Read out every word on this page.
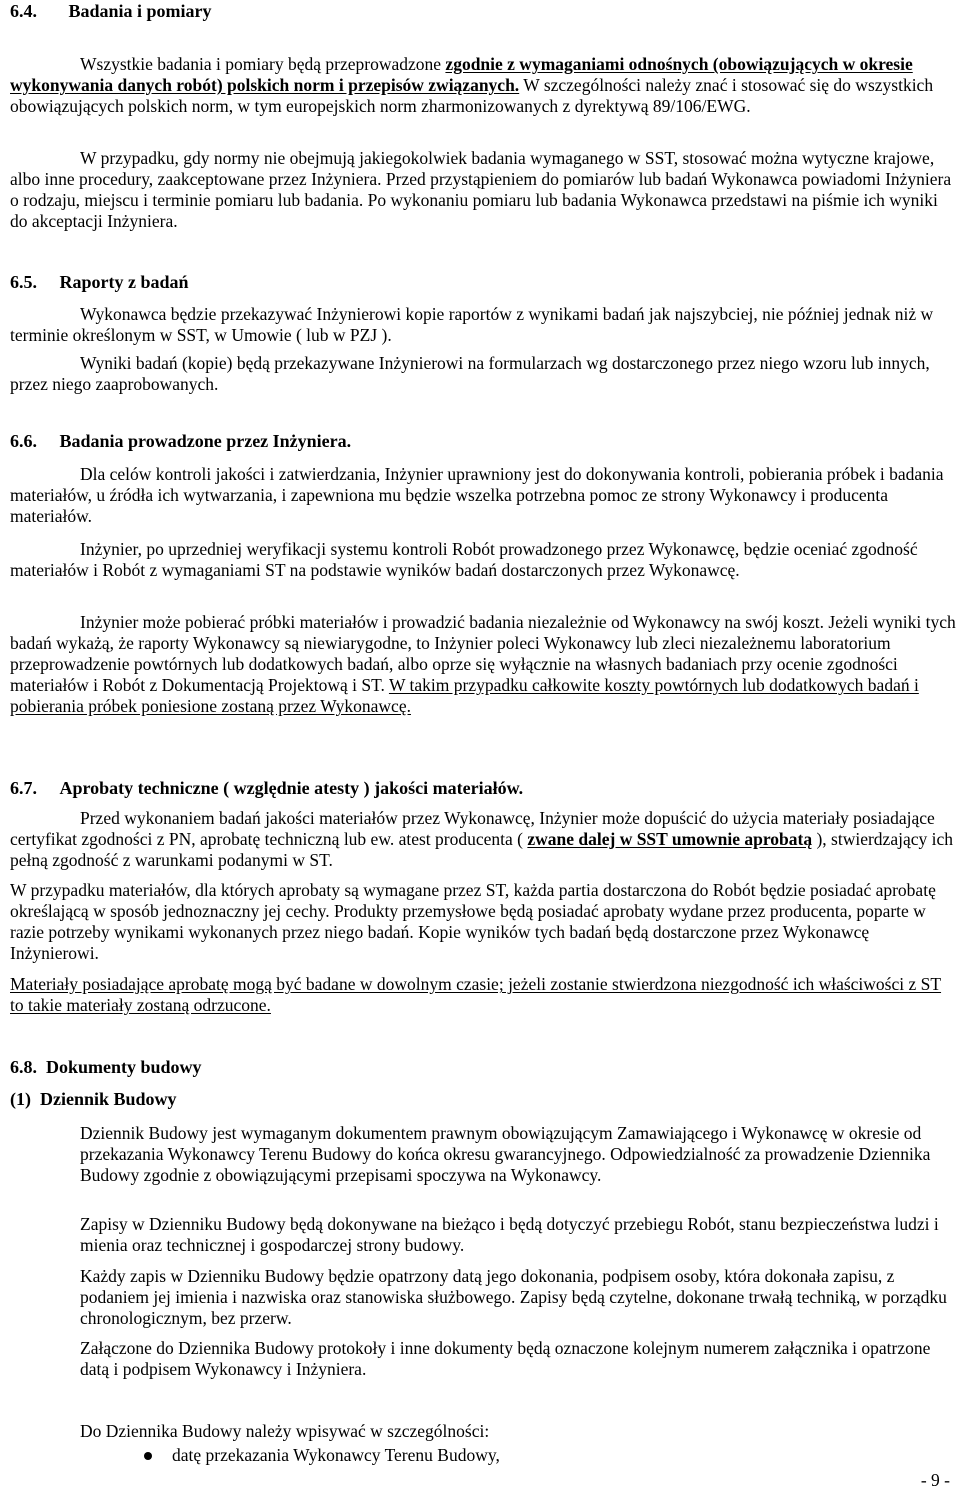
6.4.       Badania i pomiary

Wszystkie badania i pomiary będą przeprowadzone zgodnie z wymaganiami odnośnych (obowiązujących w okresie wykonywania danych robót) polskich norm i przepisów związanych. W szczególności należy znać i stosować się do wszystkich obowiązujących polskich norm, w tym europejskich norm zharmonizowanych z dyrektywą 89/106/EWG.

W przypadku, gdy normy nie obejmują jakiegokolwiek badania wymaganego w SST, stosować można wytyczne krajowe, albo inne procedury, zaakceptowane przez Inżyniera. Przed przystąpieniem do pomiarów lub badań Wykonawca powiadomi Inżyniera o rodzaju, miejscu i terminie pomiaru lub badania. Po wykonaniu pomiaru lub badania Wykonawca przedstawi na piśmie ich wyniki do akceptacji Inżyniera.

6.5.     Raporty z badań

Wykonawca będzie przekazywać Inżynierowi kopie raportów z wynikami badań jak najszybciej, nie później jednak niż w terminie określonym w SST, w Umowie ( lub w PZJ ).

Wyniki badań (kopie) będą przekazywane Inżynierowi na formularzach wg dostarczonego przez niego wzoru lub innych, przez niego zaaprobowanych.

6.6.     Badania prowadzone przez Inżyniera.

Dla celów kontroli jakości i zatwierdzania, Inżynier uprawniony jest do dokonywania kontroli, pobierania próbek i badania materiałów, u źródła ich wytwarzania, i zapewniona mu będzie wszelka potrzebna pomoc ze strony Wykonawcy i producenta materiałów.

Inżynier, po uprzedniej weryfikacji systemu kontroli Robót prowadzonego przez Wykonawcę, będzie oceniać zgodność materiałów i Robót z wymaganiami ST na podstawie wyników badań dostarczonych przez Wykonawcę.

Inżynier może pobierać próbki materiałów i prowadzić badania niezależnie od Wykonawcy na swój koszt. Jeżeli wyniki tych badań wykażą, że raporty Wykonawcy są niewiarygodne, to Inżynier poleci Wykonawcy lub zleci niezależnemu laboratorium przeprowadzenie powtórnych lub dodatkowych badań, albo oprze się wyłącznie na własnych badaniach przy ocenie zgodności materiałów i Robót z Dokumentacją Projektową i ST. W takim przypadku całkowite koszty powtórnych lub dodatkowych badań i pobierania próbek poniesione zostaną przez Wykonawcę.

6.7.     Aprobaty techniczne ( względnie atesty ) jakości materiałów.

Przed wykonaniem badań jakości materiałów przez Wykonawcę, Inżynier może dopuścić do użycia materiały posiadające certyfikat zgodności z PN, aprobatę techniczną lub ew. atest producenta ( zwane dalej w SST umownie aprobatą ), stwierdzający ich pełną zgodność z warunkami podanymi w ST.

W przypadku materiałów, dla których aprobaty są wymagane przez ST, każda partia dostarczona do Robót będzie posiadać aprobatę określającą w sposób jednoznaczny jej cechy. Produkty przemysłowe będą posiadać aprobaty wydane przez producenta, poparte w razie potrzeby wynikami wykonanych przez niego badań. Kopie wyników tych badań będą dostarczone przez Wykonawcę Inżynierowi.

Materiały posiadające aprobatę mogą być badane w dowolnym czasie; jeżeli zostanie stwierdzona niezgodność ich właściwości z ST to takie materiały zostaną odrzucone.

6.8.  Dokumenty budowy
(1)  Dziennik Budowy

Dziennik Budowy jest wymaganym dokumentem prawnym obowiązującym Zamawiającego i Wykonawcę w okresie od przekazania Wykonawcy Terenu Budowy do końca okresu gwarancyjnego. Odpowiedzialność za prowadzenie Dziennika Budowy zgodnie z obowiązującymi przepisami spoczywa na Wykonawcy.

Zapisy w Dzienniku Budowy będą dokonywane na bieżąco i będą dotyczyć przebiegu Robót, stanu bezpieczeństwa ludzi i mienia oraz technicznej i gospodarczej strony budowy.

Każdy zapis w Dzienniku Budowy będzie opatrzony datą jego dokonania, podpisem osoby, która dokonała zapisu, z podaniem jej imienia i nazwiska oraz stanowiska służbowego. Zapisy będą czytelne, dokonane trwałą techniką, w porządku chronologicznym, bez przerw.

Załączone do Dziennika Budowy protokoły i inne dokumenty będą oznaczone kolejnym numerem załącznika i opatrzone datą i podpisem Wykonawcy i Inżyniera.

Do Dziennika Budowy należy wpisywać w szczególności:

datę przekazania Wykonawcy Terenu Budowy,
- 9 -
